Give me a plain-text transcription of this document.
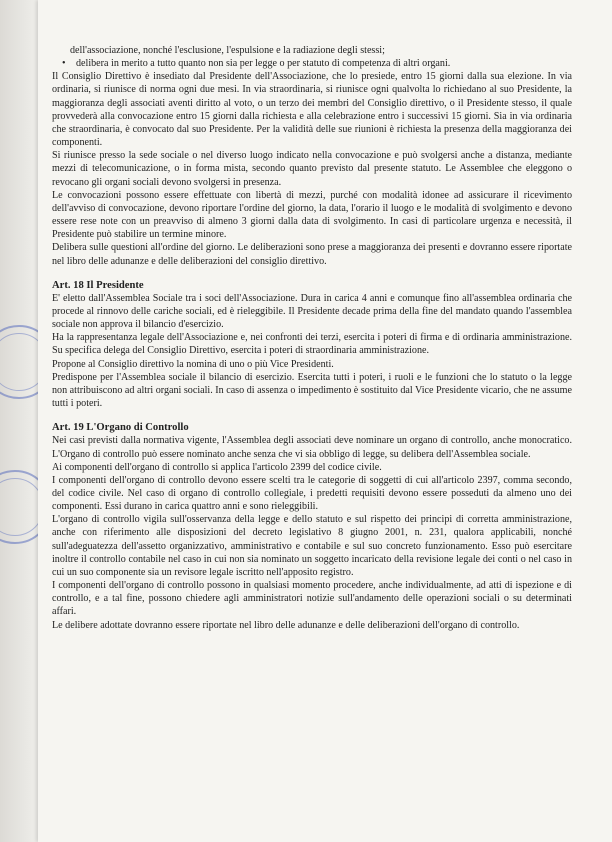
dell'associazione, nonché l'esclusione, l'espulsione e la radiazione degli stessi;

•	delibera in merito a tutto quanto non sia per legge o per statuto di competenza di altri organi.

Il Consiglio Direttivo è insediato dal Presidente dell'Associazione, che lo presiede, entro 15 giorni dalla sua elezione. In via ordinaria, si riunisce di norma ogni due mesi. In via straordinaria, si riunisce ogni qualvolta lo richiedano al suo Presidente, la maggioranza degli associati aventi diritto al voto, o un terzo dei membri del Consiglio direttivo, o il Presidente stesso, il quale provvederà alla convocazione entro 15 giorni dalla richiesta e alla celebrazione entro i successivi 15 giorni. Sia in via ordinaria che straordinaria, è convocato dal suo Presidente. Per la validità delle sue riunioni è richiesta la presenza della maggioranza dei componenti.

Si riunisce presso la sede sociale o nel diverso luogo indicato nella convocazione e può svolgersi anche a distanza, mediante mezzi di telecomunicazione, o in forma mista, secondo quanto previsto dal presente statuto. Le Assemblee che eleggono o revocano gli organi sociali devono svolgersi in presenza.

Le convocazioni possono essere effettuate con libertà di mezzi, purché con modalità idonee ad assicurare il ricevimento dell'avviso di convocazione, devono riportare l'ordine del giorno, la data, l'orario il luogo e le modalità di svolgimento e devono essere rese note con un preavviso di almeno 3 giorni dalla data di svolgimento. In casi di particolare urgenza e necessità, il Presidente può stabilire un termine minore.

Delibera sulle questioni all'ordine del giorno. Le deliberazioni sono prese a maggioranza dei presenti e dovranno essere riportate nel libro delle adunanze e delle deliberazioni del consiglio direttivo.

Art. 18 Il Presidente

E' eletto dall'Assemblea Sociale tra i soci dell'Associazione. Dura in carica 4 anni e comunque fino all'assemblea ordinaria che procede al rinnovo delle cariche sociali, ed è rieleggibile. Il Presidente decade prima della fine del mandato quando l'assemblea sociale non approva il bilancio d'esercizio.

Ha la rappresentanza legale dell'Associazione e, nei confronti dei terzi, esercita i poteri di firma e di ordinaria amministrazione. Su specifica delega del Consiglio Direttivo, esercita i poteri di straordinaria amministrazione.

Propone al Consiglio direttivo la nomina di uno o più Vice Presidenti.

Predispone per l'Assemblea sociale il bilancio di esercizio. Esercita tutti i poteri, i ruoli e le funzioni che lo statuto o la legge non attribuiscono ad altri organi sociali. In caso di assenza o impedimento è sostituito dal Vice Presidente vicario, che ne assume tutti i poteri.

Art. 19 L'Organo di Controllo

Nei casi previsti dalla normativa vigente, l'Assemblea degli associati deve nominare un organo di controllo, anche monocratico. L'Organo di controllo può essere nominato anche senza che vi sia obbligo di legge, su delibera dell'Assemblea sociale.

Ai componenti dell'organo di controllo si applica l'articolo 2399 del codice civile.

I componenti dell'organo di controllo devono essere scelti tra le categorie di soggetti di cui all'articolo 2397, comma secondo, del codice civile. Nel caso di organo di controllo collegiale, i predetti requisiti devono essere posseduti da almeno uno dei componenti. Essi durano in carica quattro anni e sono rieleggibili.

L'organo di controllo vigila sull'osservanza della legge e dello statuto e sul rispetto dei principi di corretta amministrazione, anche con riferimento alle disposizioni del decreto legislativo 8 giugno 2001, n. 231, qualora applicabili, nonché sull'adeguatezza dell'assetto organizzativo, amministrativo e contabile e sul suo concreto funzionamento. Esso può esercitare inoltre il controllo contabile nel caso in cui non sia nominato un soggetto incaricato della revisione legale dei conti o nel caso in cui un suo componente sia un revisore legale iscritto nell'apposito registro.

I componenti dell'organo di controllo possono in qualsiasi momento procedere, anche individualmente, ad atti di ispezione e di controllo, e a tal fine, possono chiedere agli amministratori notizie sull'andamento delle operazioni sociali o su determinati affari.

Le delibere adottate dovranno essere riportate nel libro delle adunanze e delle deliberazioni dell'organo di controllo.
